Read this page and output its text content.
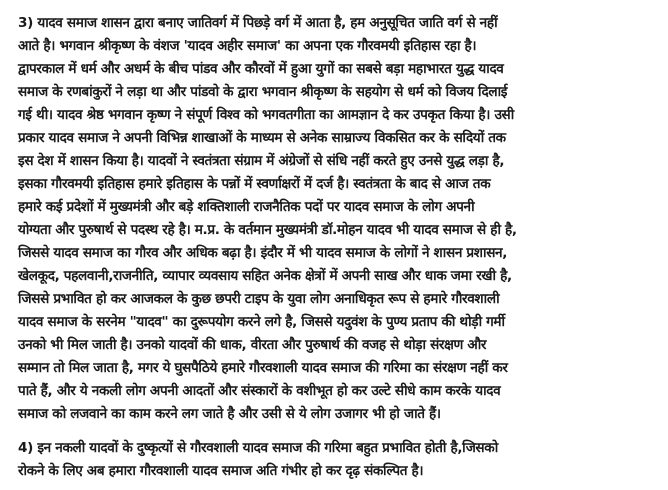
3) यादव समाज शासन द्वारा बनाए जातिवर्ग में पिछड़े वर्ग में आता है, हम अनुसूचित जाति वर्ग से नहीं
आते है। भगवान श्रीकृष्ण के वंशज 'यादव अहीर समाज' का अपना एक गौरवमयी इतिहास रहा है।
द्वापरकाल में धर्म और अधर्म के बीच पांडव और कौरवों में हुआ युगों का सबसे बड़ा महाभारत युद्ध यादव
समाज के रणबांकुरों ने लड़ा था और पांडवो के द्वारा भगवान श्रीकृष्ण के सहयोग से धर्म को विजय दिलाई
गई थी। यादव श्रेष्ठ भगवान कृष्ण ने संपूर्ण विश्व को भगवतगीता का आमज्ञान दे कर उपकृत किया है। उसी
प्रकार यादव समाज ने अपनी विभिन्न शाखाओं के माध्यम से अनेक साम्राज्य विकसित कर के सदियों तक
इस देश में शासन किया है। यादवों ने स्वतंत्रता संग्राम में अंग्रेजों से संधि नहीं करते हुए उनसे युद्ध लड़ा है,
इसका गौरवमयी इतिहास हमारे इतिहास के पन्नों में स्वर्णाक्षरों में दर्ज है। स्वतंत्रता के बाद से आज तक
हमारे कई प्रदेशों में मुख्यमंत्री और बड़े शक्तिशाली राजनैतिक पदों पर यादव समाज के लोग अपनी
योग्यता और पुरुषार्थ से पदस्थ रहे है। म.प्र. के वर्तमान मुख्यमंत्री डॉ.मोहन यादव भी यादव समाज से ही है,
जिससे यादव समाज का गौरव और अधिक बढ़ा है। इंदौर में भी यादव समाज के लोगों ने शासन प्रशासन,
खेलकूद, पहलवानी,राजनीति, व्यापार व्यवसाय सहित अनेक क्षेत्रों में अपनी साख और धाक जमा रखी है,
जिससे प्रभावित हो कर आजकल के कुछ छपरी टाइप के युवा लोग अनाधिकृत रूप से हमारे गौरवशाली
यादव समाज के सरनेम "यादव" का दुरूपयोग करने लगे है, जिससे यदुवंश के पुण्य प्रताप की थोड़ी गर्मी
उनको भी मिल जाती है। उनको यादवों की धाक, वीरता और पुरुषार्थ की वजह से थोड़ा संरक्षण और
सम्मान तो मिल जाता है, मगर ये घुसपैठिये हमारे गौरवशाली यादव समाज की गरिमा का संरक्षण नहीं कर
पाते हैं, और ये नकली लोग अपनी आदतों और संस्कारों के वशीभूत हो कर उल्टे सीधे काम करके यादव
समाज को लजवाने का काम करने लग जाते है और उसी से ये लोग उजागर भी हो जाते हैं।
4) इन नकली यादवों के दुष्कृत्यों से गौरवशाली यादव समाज की गरिमा बहुत प्रभावित होती है,जिसको
रोकने के लिए अब हमारा गौरवशाली यादव समाज अति गंभीर हो कर दृढ़ संकल्पित है।
